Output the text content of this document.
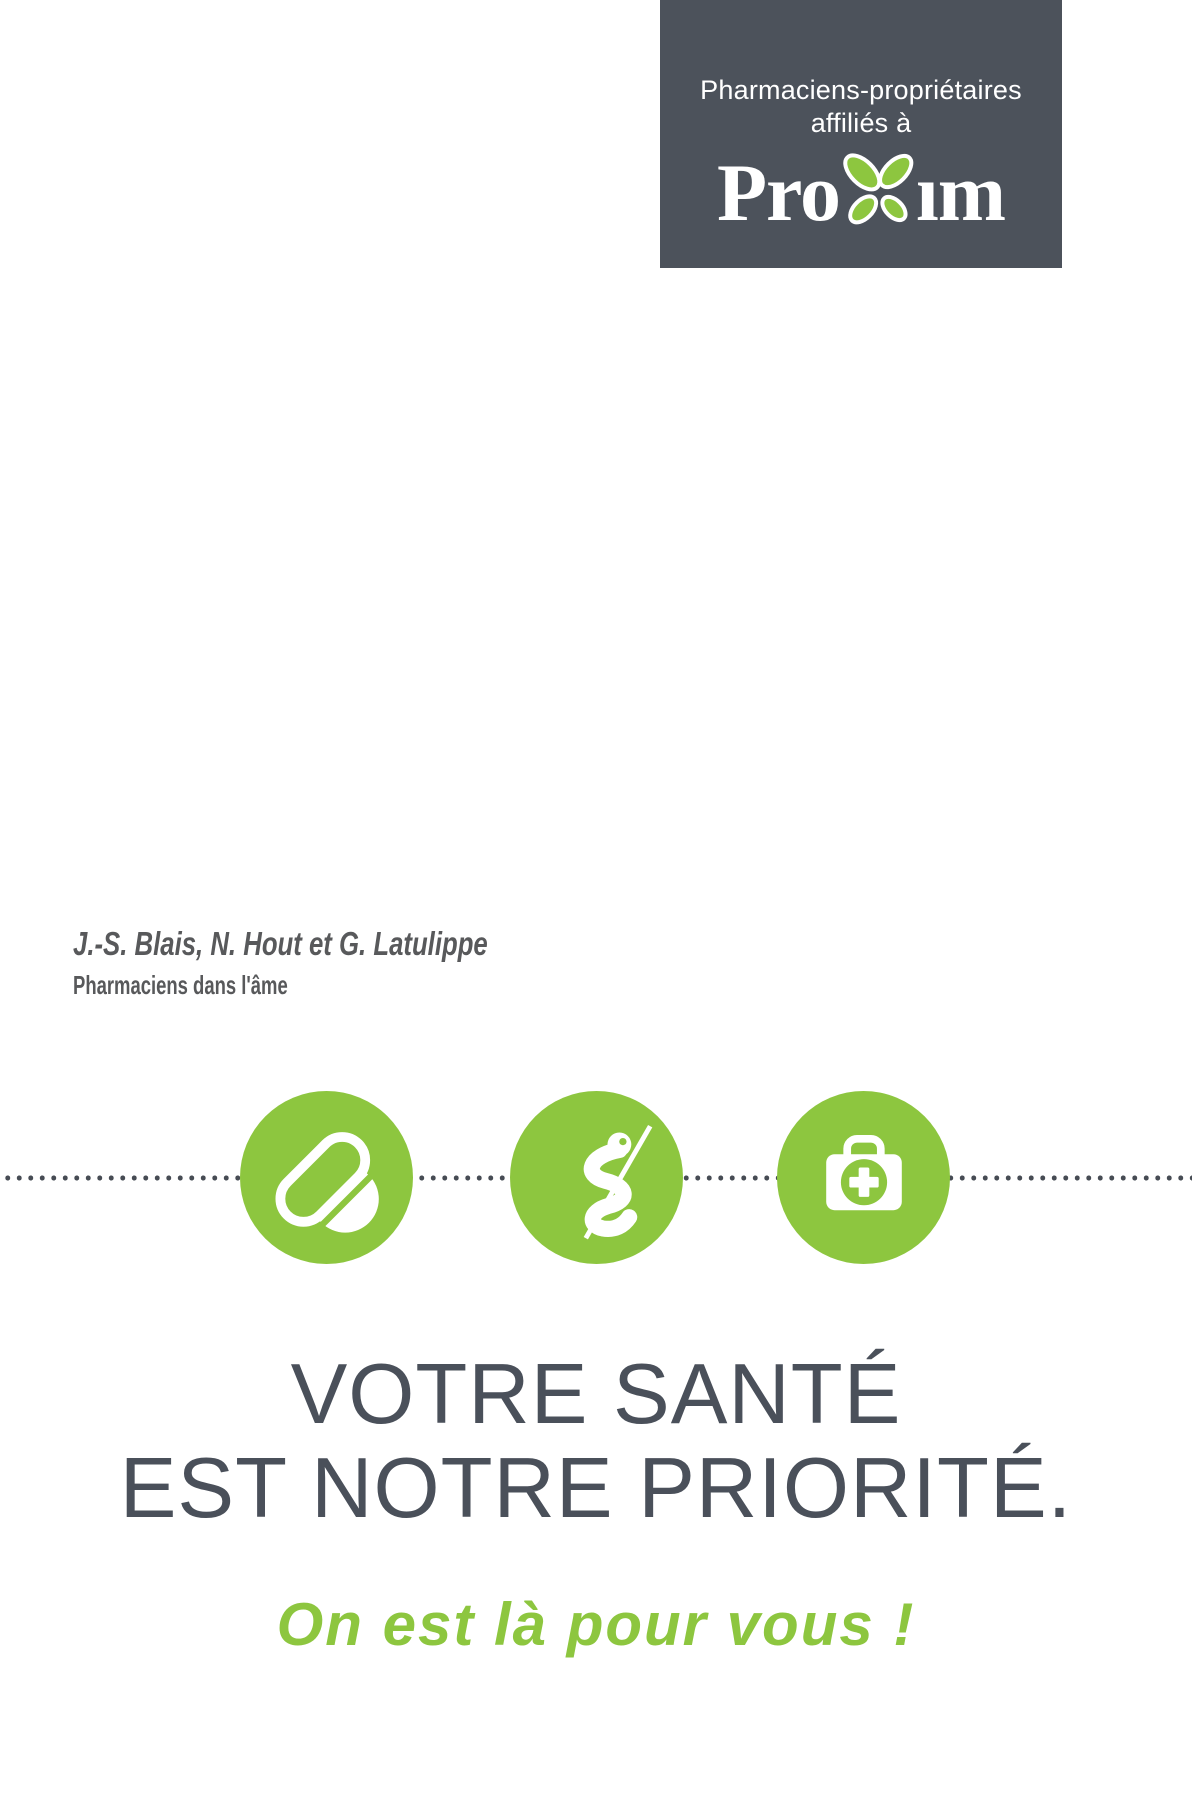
Pharmaciens-propriétaires
affiliés à
Pro ım
J.-S. Blais, N. Hout et G. Latulippe
Pharmaciens dans l'âme
VOTRE SANTÉ
EST NOTRE PRIORITÉ.
On est là pour vous !
